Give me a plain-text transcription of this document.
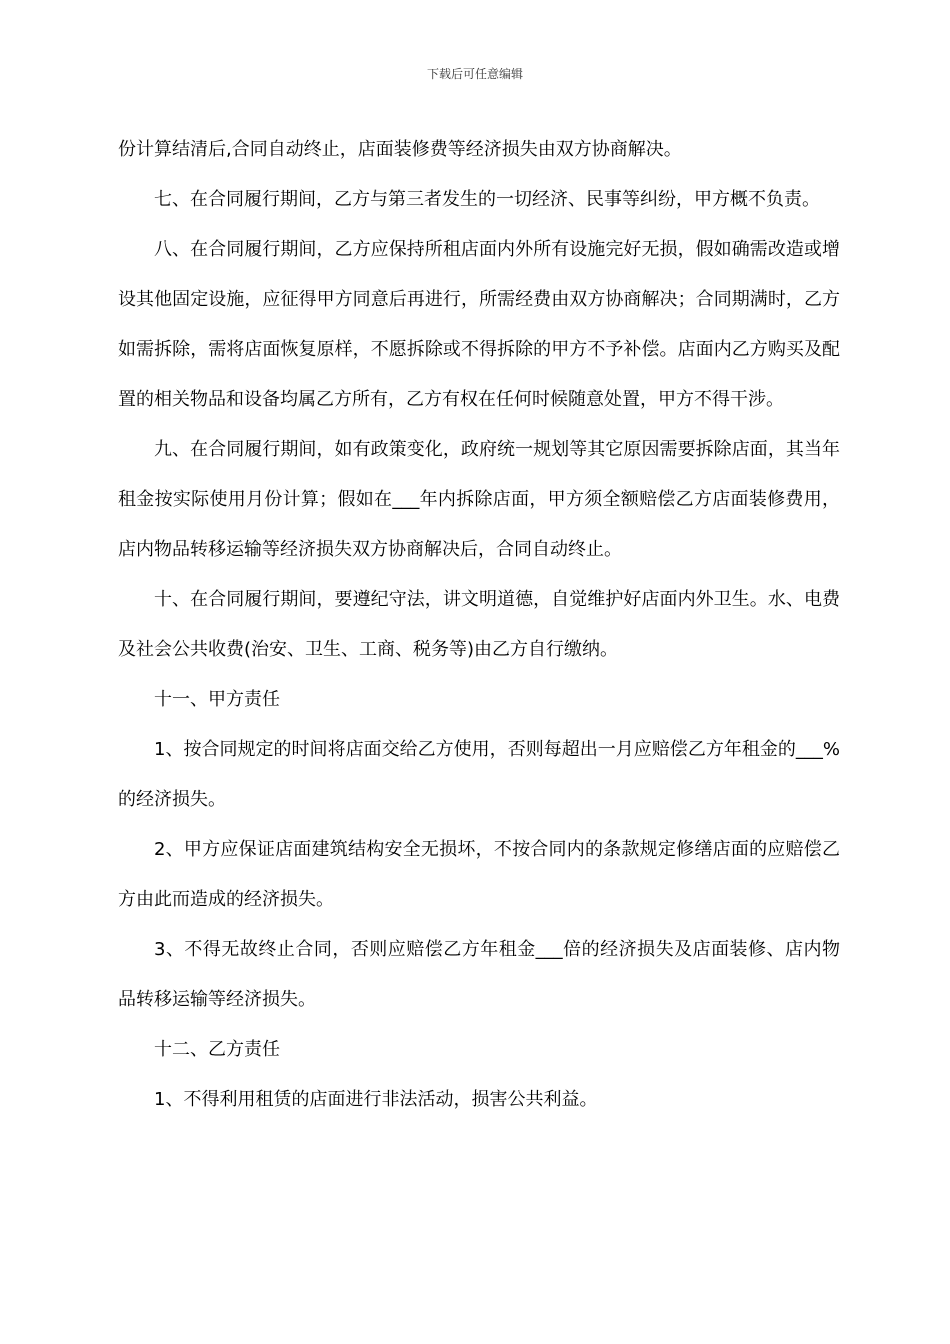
下载后可任意编辑

份计算结清后,合同自动终止，店面装修费等经济损失由双方协商解决。

七、在合同履行期间，乙方与第三者发生的一切经济、民事等纠纷，甲方概不负责。

八、在合同履行期间，乙方应保持所租店面内外所有设施完好无损，假如确需改造或增设其他固定设施，应征得甲方同意后再进行，所需经费由双方协商解决；合同期满时，乙方如需拆除，需将店面恢复原样，不愿拆除或不得拆除的甲方不予补偿。店面内乙方购买及配置的相关物品和设备均属乙方所有，乙方有权在任何时候随意处置，甲方不得干涉。

九、在合同履行期间，如有政策变化，政府统一规划等其它原因需要拆除店面，其当年租金按实际使用月份计算；假如在___年内拆除店面，甲方须全额赔偿乙方店面装修费用，店内物品转移运输等经济损失双方协商解决后，合同自动终止。

十、在合同履行期间，要遵纪守法，讲文明道德，自觉维护好店面内外卫生。水、电费及社会公共收费(治安、卫生、工商、税务等)由乙方自行缴纳。

十一、甲方责任

1、按合同规定的时间将店面交给乙方使用，否则每超出一月应赔偿乙方年租金的___% 的经济损失。

2、甲方应保证店面建筑结构安全无损坏，不按合同内的条款规定修缮店面的应赔偿乙方由此而造成的经济损失。

3、不得无故终止合同，否则应赔偿乙方年租金___倍的经济损失及店面装修、店内物品转移运输等经济损失。

十二、乙方责任

1、不得利用租赁的店面进行非法活动，损害公共利益。
